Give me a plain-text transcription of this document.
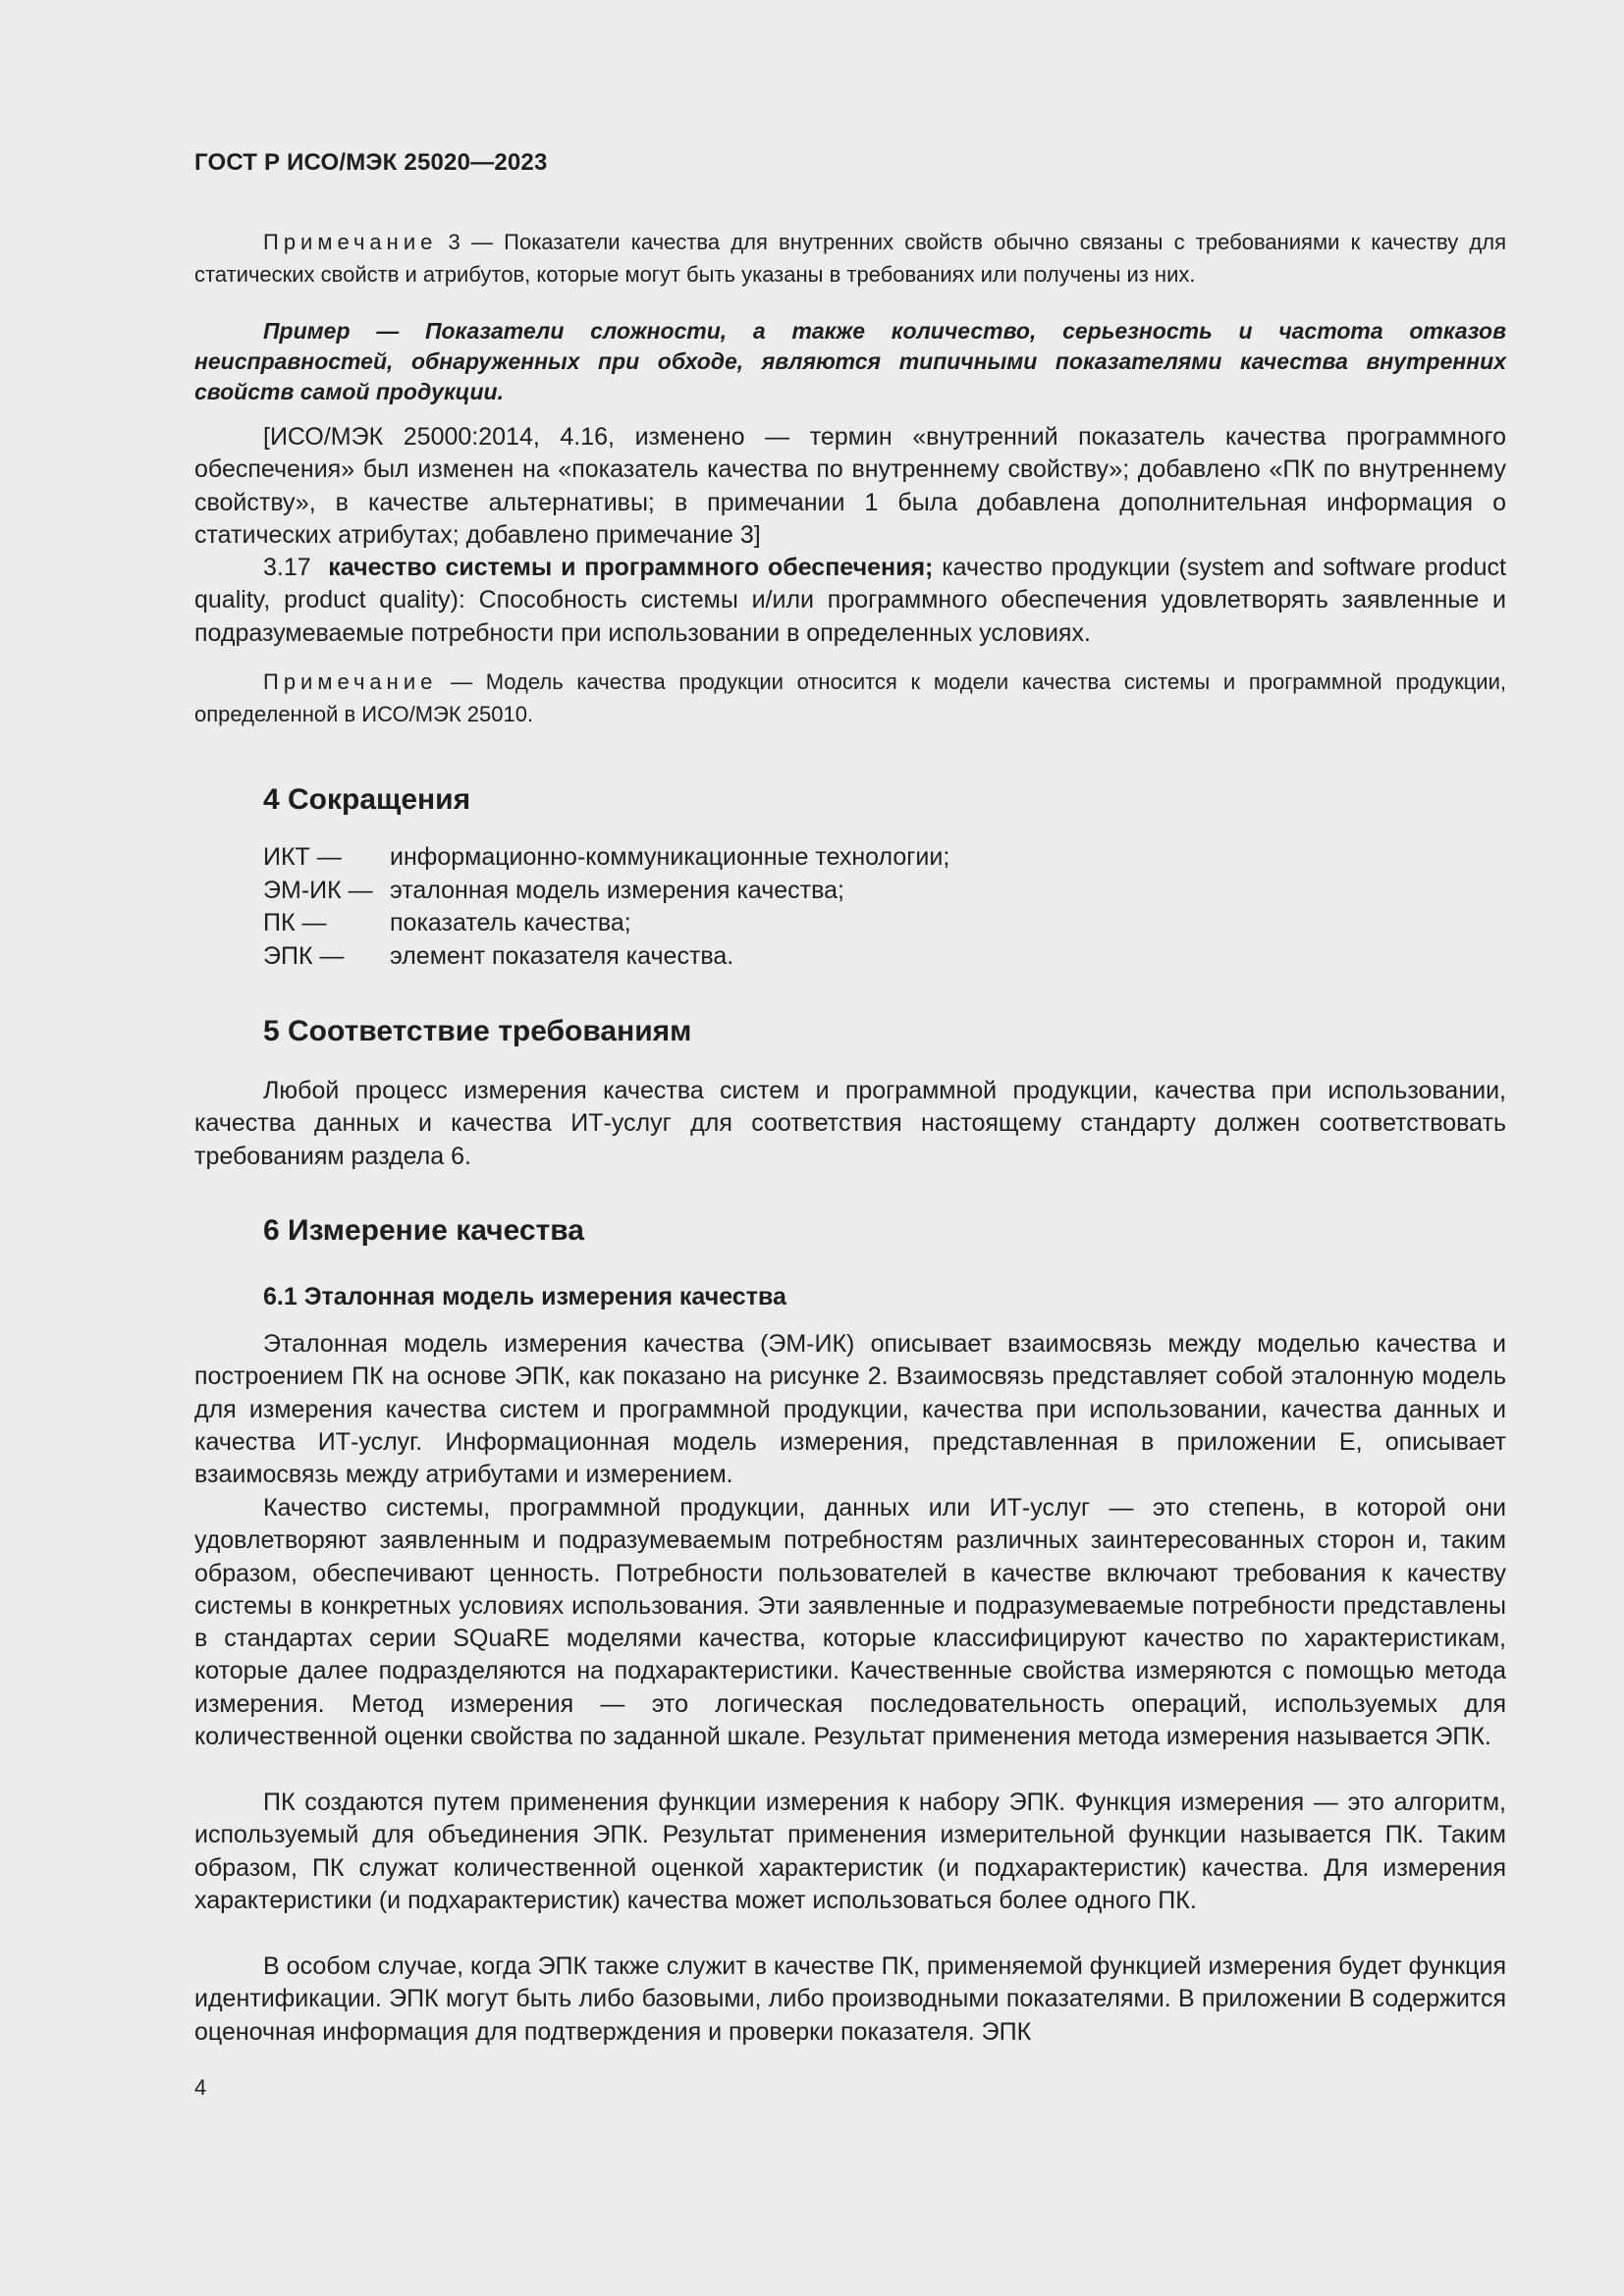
ГОСТ Р ИСО/МЭК 25020—2023
Примечание 3 — Показатели качества для внутренних свойств обычно связаны с требованиями к качеству для статических свойств и атрибутов, которые могут быть указаны в требованиях или получены из них.
Пример — Показатели сложности, а также количество, серьезность и частота отказов неисправностей, обнаруженных при обходе, являются типичными показателями качества внутренних свойств самой продукции.
[ИСО/МЭК 25000:2014, 4.16, изменено — термин «внутренний показатель качества программного обеспечения» был изменен на «показатель качества по внутреннему свойству»; добавлено «ПК по внутреннему свойству», в качестве альтернативы; в примечании 1 была добавлена дополнительная информация о статических атрибутах; добавлено примечание 3]
3.17 качество системы и программного обеспечения; качество продукции (system and software product quality, product quality): Способность системы и/или программного обеспечения удовлетворять заявленные и подразумеваемые потребности при использовании в определенных условиях.
Примечание — Модель качества продукции относится к модели качества системы и программной продукции, определенной в ИСО/МЭК 25010.
4 Сокращения
ИКТ —	информационно-коммуникационные технологии;
ЭМ-ИК — эталонная модель измерения качества;
ПК —	показатель качества;
ЭПК —	элемент показателя качества.
5 Соответствие требованиям
Любой процесс измерения качества систем и программной продукции, качества при использовании, качества данных и качества ИТ-услуг для соответствия настоящему стандарту должен соответствовать требованиям раздела 6.
6 Измерение качества
6.1 Эталонная модель измерения качества
Эталонная модель измерения качества (ЭМ-ИК) описывает взаимосвязь между моделью качества и построением ПК на основе ЭПК, как показано на рисунке 2. Взаимосвязь представляет собой эталонную модель для измерения качества систем и программной продукции, качества при использовании, качества данных и качества ИТ-услуг. Информационная модель измерения, представленная в приложении Е, описывает взаимосвязь между атрибутами и измерением.
Качество системы, программной продукции, данных или ИТ-услуг — это степень, в которой они удовлетворяют заявленным и подразумеваемым потребностям различных заинтересованных сторон и, таким образом, обеспечивают ценность. Потребности пользователей в качестве включают требования к качеству системы в конкретных условиях использования. Эти заявленные и подразумеваемые потребности представлены в стандартах серии SQuaRE моделями качества, которые классифицируют качество по характеристикам, которые далее подразделяются на подхарактеристики. Качественные свойства измеряются с помощью метода измерения. Метод измерения — это логическая последовательность операций, используемых для количественной оценки свойства по заданной шкале. Результат применения метода измерения называется ЭПК.
ПК создаются путем применения функции измерения к набору ЭПК. Функция измерения — это алгоритм, используемый для объединения ЭПК. Результат применения измерительной функции называется ПК. Таким образом, ПК служат количественной оценкой характеристик (и подхарактеристик) качества. Для измерения характеристики (и подхарактеристик) качества может использоваться более одного ПК.
В особом случае, когда ЭПК также служит в качестве ПК, применяемой функцией измерения будет функция идентификации. ЭПК могут быть либо базовыми, либо производными показателями. В приложении В содержится оценочная информация для подтверждения и проверки показателя. ЭПК
4
